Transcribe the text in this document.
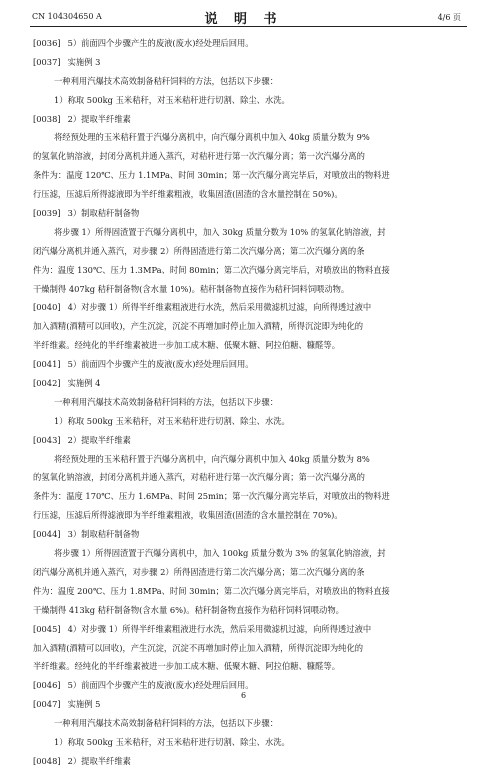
CN 104304650 A	说 明 书	4/6 页
[0036] 5）前面四个步骤产生的废液(废水)经处理后回用。
[0037] 实施例 3
一种利用汽爆技术高效制备秸秆饲料的方法，包括以下步骤：
1）称取 500kg 玉米秸秆，对玉米秸秆进行切割、除尘、水洗。
[0038] 2）提取半纤维素
将经预处理的玉米秸秆置于汽爆分离机中，向汽爆分离机中加入 40kg 质量分数为 9%
的氢氧化钠溶液，封闭分离机并通入蒸汽，对秸秆进行第一次汽爆分离；第一次汽爆分离的
条件为：温度 120℃、压力 1.1MPa、时间 30min；第一次汽爆分离完毕后，对喷放出的物料进
行压滤，压滤后所得滤液即为半纤维素粗液，收集固渣(固渣的含水量控制在 50%)。
[0039] 3）制取秸秆制备物
将步骤 1）所得固渣置于汽爆分离机中，加入 30kg 质量分数为 10% 的氢氧化钠溶液，封
闭汽爆分离机并通入蒸汽，对步骤 2）所得固渣进行第二次汽爆分离；第二次汽爆分离的条
件为：温度 130℃、压力 1.3MPa、时间 80min；第二次汽爆分离完毕后，对喷放出的物料直接
干燥制得 407kg 秸秆制备物(含水量 10%)。秸秆制备物直接作为秸秆饲料饲喂动物。
[0040] 4）对步骤 1）所得半纤维素粗液进行水洗，然后采用微滤机过滤，向所得透过液中
加入酒精(酒精可以回收)，产生沉淀，沉淀不再增加时停止加入酒精，所得沉淀即为纯化的
半纤维素。经纯化的半纤维素被进一步加工成木糖、低聚木糖、阿拉伯糖、糠醛等。
[0041] 5）前面四个步骤产生的废液(废水)经处理后回用。
[0042] 实施例 4
一种利用汽爆技术高效制备秸秆饲料的方法，包括以下步骤：
1）称取 500kg 玉米秸秆，对玉米秸秆进行切割、除尘、水洗。
[0043] 2）提取半纤维素
将经预处理的玉米秸秆置于汽爆分离机中，向汽爆分离机中加入 40kg 质量分数为 8%
的氢氧化钠溶液，封闭分离机并通入蒸汽，对秸秆进行第一次汽爆分离；第一次汽爆分离的
条件为：温度 170℃、压力 1.6MPa、时间 25min；第一次汽爆分离完毕后，对喷放出的物料进
行压滤，压滤后所得滤液即为半纤维素粗液，收集固渣(固渣的含水量控制在 70%)。
[0044] 3）制取秸秆制备物
将步骤 1）所得固渣置于汽爆分离机中，加入 100kg 质量分数为 3% 的氢氧化钠溶液，封
闭汽爆分离机并通入蒸汽，对步骤 2）所得固渣进行第二次汽爆分离；第二次汽爆分离的条
件为：温度 200℃、压力 1.8MPa、时间 30min；第二次汽爆分离完毕后，对喷放出的物料直接
干燥制得 413kg 秸秆制备物(含水量 6%)。秸秆制备物直接作为秸秆饲料饲喂动物。
[0045] 4）对步骤 1）所得半纤维素粗液进行水洗，然后采用微滤机过滤，向所得透过液中
加入酒精(酒精可以回收)，产生沉淀，沉淀不再增加时停止加入酒精，所得沉淀即为纯化的
半纤维素。经纯化的半纤维素被进一步加工成木糖、低聚木糖、阿拉伯糖、糠醛等。
[0046] 5）前面四个步骤产生的废液(废水)经处理后回用。
[0047] 实施例 5
一种利用汽爆技术高效制备秸秆饲料的方法，包括以下步骤：
1）称取 500kg 玉米秸秆，对玉米秸秆进行切割、除尘、水洗。
[0048] 2）提取半纤维素
6
